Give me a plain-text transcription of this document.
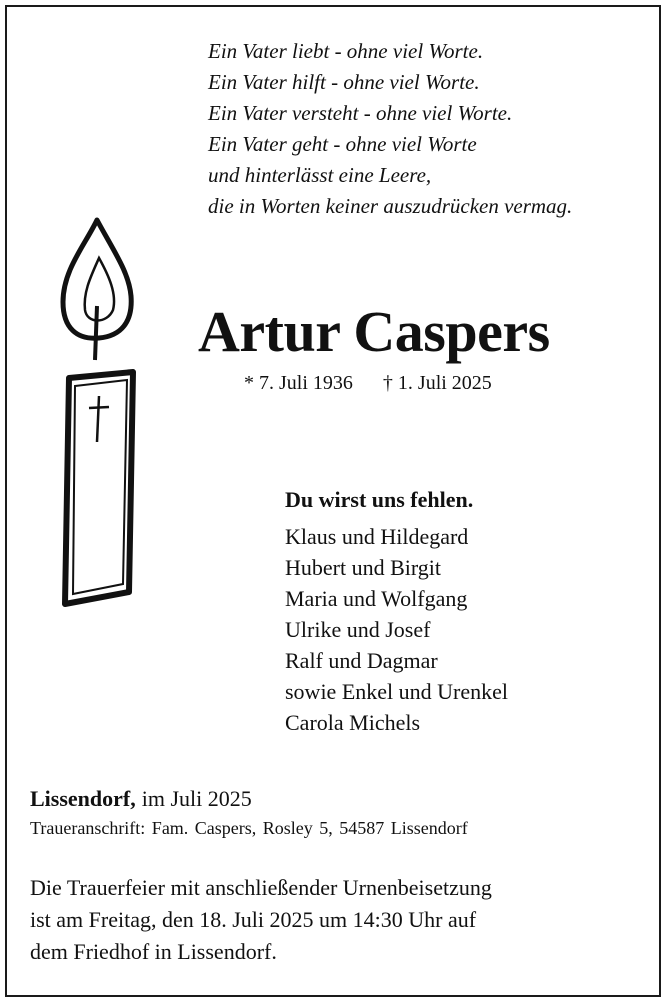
Ein Vater liebt - ohne viel Worte.
Ein Vater hilft - ohne viel Worte.
Ein Vater versteht - ohne viel Worte.
Ein Vater geht - ohne viel Worte
und hinterlässt eine Leere,
die in Worten keiner auszudrücken vermag.
Artur Caspers
* 7. Juli 1936 † 1. Juli 2025
Du wirst uns fehlen.
Klaus und Hildegard
Hubert und Birgit
Maria und Wolfgang
Ulrike und Josef
Ralf und Dagmar
sowie Enkel und Urenkel
Carola Michels
Lissendorf, im Juli 2025
Traueranschrift: Fam. Caspers, Rosley 5, 54587 Lissendorf
Die Trauerfeier mit anschließender Urnenbeisetzung
ist am Freitag, den 18. Juli 2025 um 14:30 Uhr auf
dem Friedhof in Lissendorf.
